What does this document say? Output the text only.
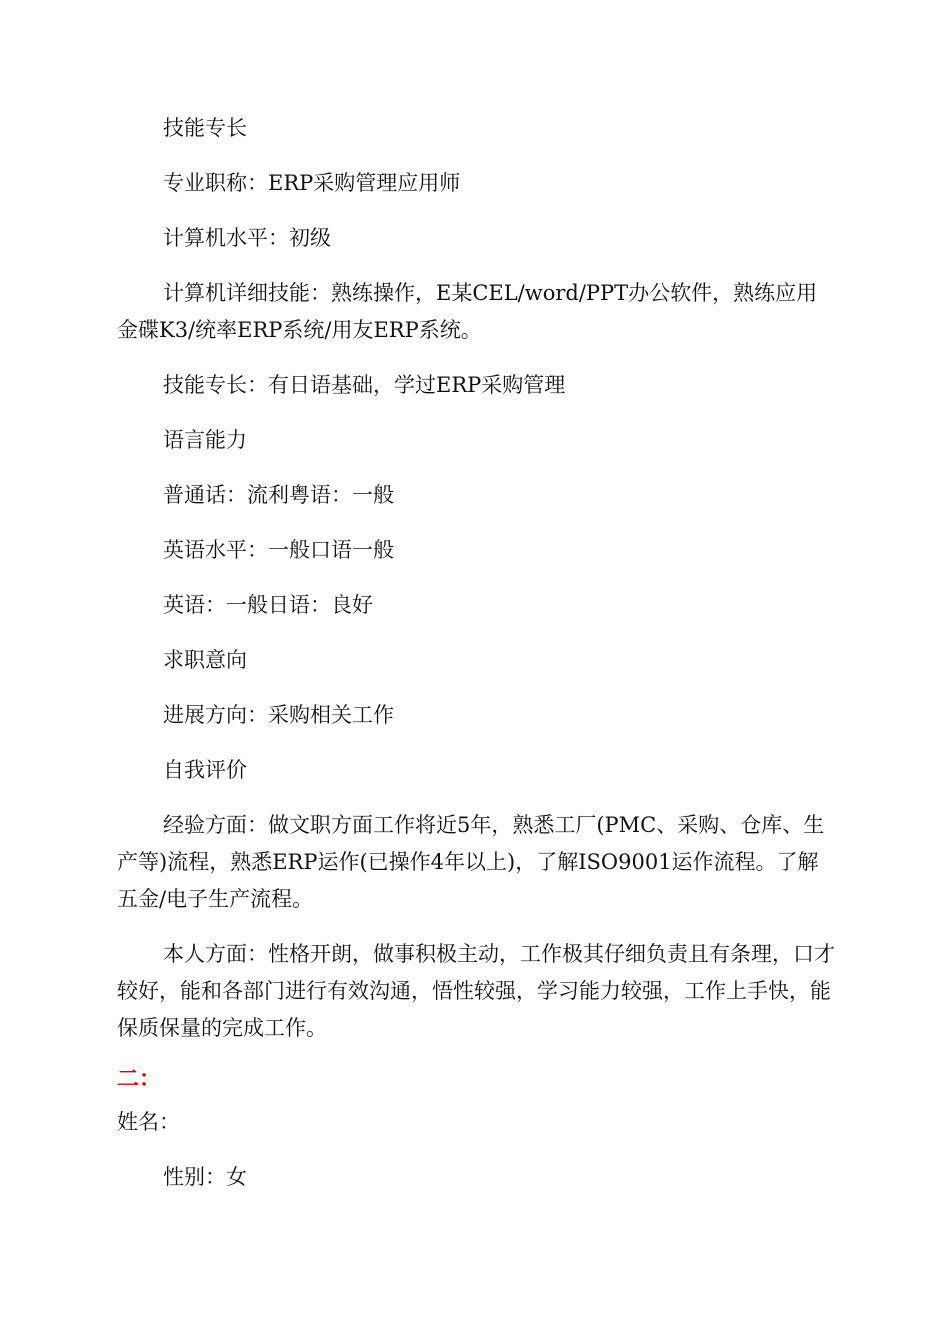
技能专长

专业职称：ERP采购管理应用师

计算机水平：初级

计算机详细技能：熟练操作，E某CEL/word/PPT办公软件，熟练应用金碟K3/统率ERP系统/用友ERP系统。

技能专长：有日语基础，学过ERP采购管理

语言能力

普通话：流利粤语：一般

英语水平：一般口语一般

英语：一般日语：良好

求职意向

进展方向：采购相关工作

自我评价

经验方面：做文职方面工作将近5年，熟悉工厂(PMC、采购、仓库、生产等)流程，熟悉ERP运作(已操作4年以上)，了解ISO9001运作流程。了解五金/电子生产流程。

本人方面：性格开朗，做事积极主动，工作极其仔细负责且有条理，口才较好，能和各部门进行有效沟通，悟性较强，学习能力较强，工作上手快，能保质保量的完成工作。

二：

姓名：

性别：女
